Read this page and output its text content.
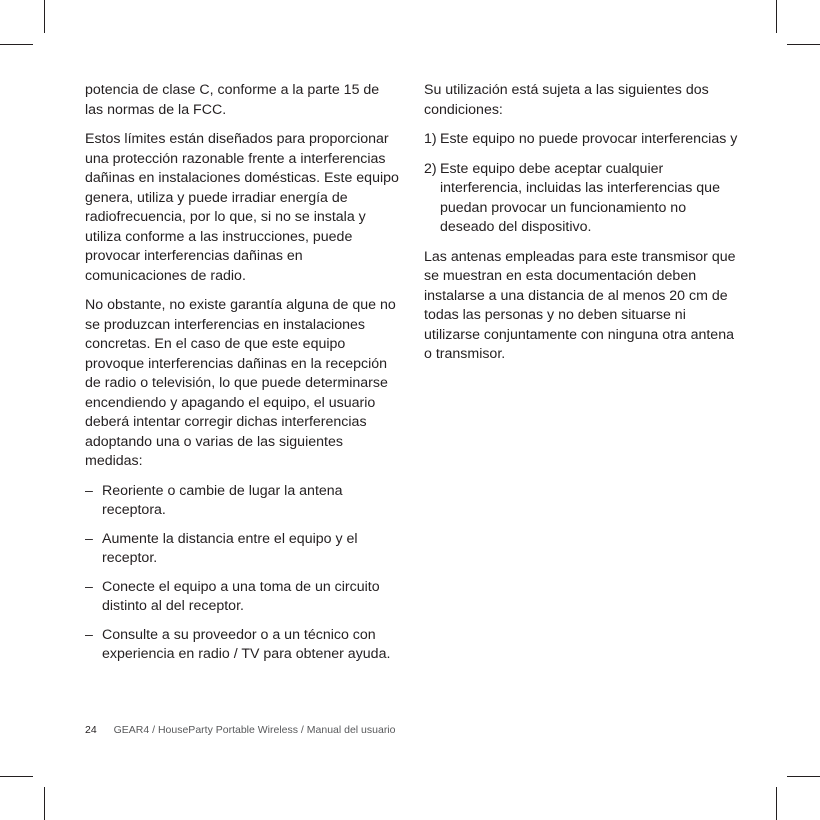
potencia de clase C, conforme a la parte 15 de las normas de la FCC.

Estos límites están diseñados para proporcionar una protección razonable frente a interferencias dañinas en instalaciones domésticas. Este equipo genera, utiliza y puede irradiar energía de radiofrecuencia, por lo que, si no se instala y utiliza conforme a las instrucciones, puede provocar interferencias dañinas en comunicaciones de radio.

No obstante, no existe garantía alguna de que no se produzcan interferencias en instalaciones concretas. En el caso de que este equipo provoque interferencias dañinas en la recepción de radio o televisión, lo que puede determinarse encendiendo y apagando el equipo, el usuario deberá intentar corregir dichas interferencias adoptando una o varias de las siguientes medidas:

– Reoriente o cambie de lugar la antena receptora.
– Aumente la distancia entre el equipo y el receptor.
– Conecte el equipo a una toma de un circuito distinto al del receptor.
– Consulte a su proveedor o a un técnico con experiencia en radio / TV para obtener ayuda.

Su utilización está sujeta a las siguientes dos condiciones:

1) Este equipo no puede provocar interferencias y
2) Este equipo debe aceptar cualquier interferencia, incluidas las interferencias que puedan provocar un funcionamiento no deseado del dispositivo.

Las antenas empleadas para este transmisor que se muestran en esta documentación deben instalarse a una distancia de al menos 20 cm de todas las personas y no deben situarse ni utilizarse conjuntamente con ninguna otra antena o transmisor.

24 GEAR4 / HouseParty Portable Wireless / Manual del usuario
